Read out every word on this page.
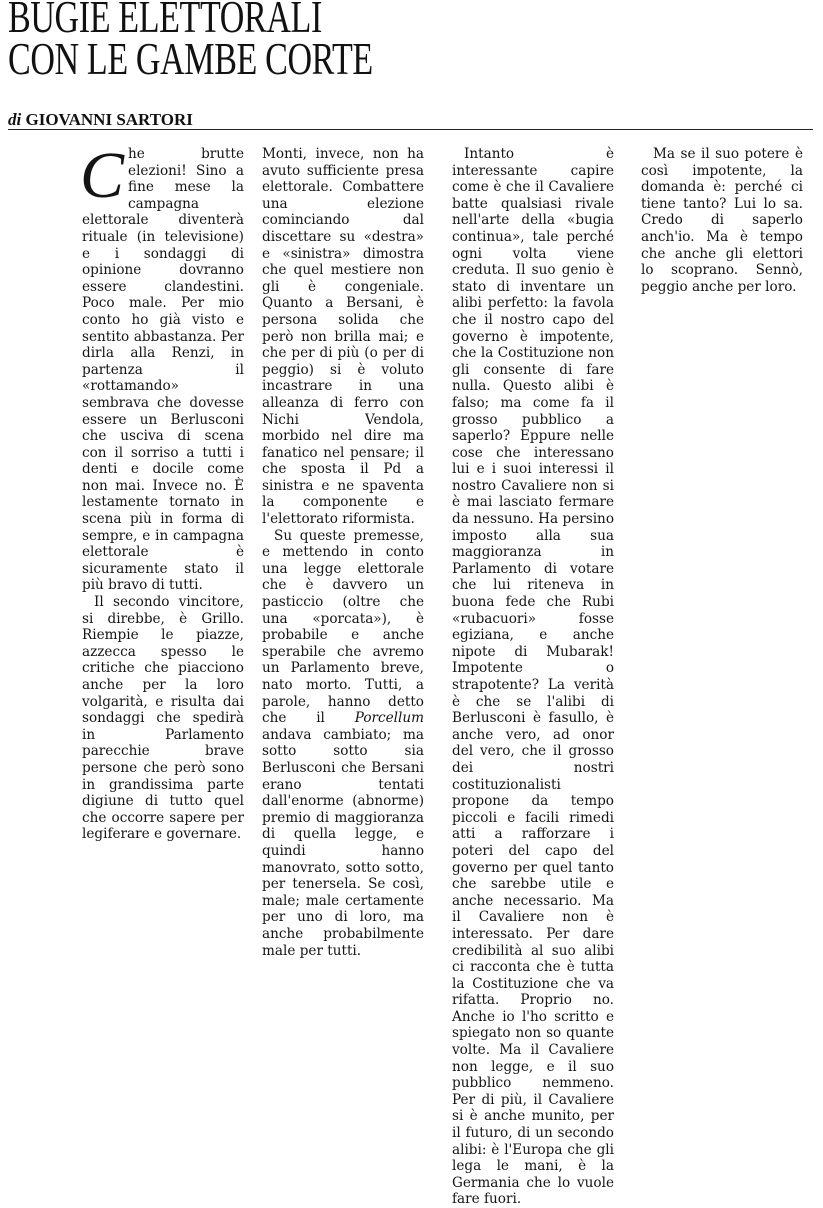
BUGIE ELETTORALI
CON LE GAMBE CORTE
di GIOVANNI SARTORI

Che brutte elezioni! Sino a fine mese la campagna elettorale diventerà rituale (in televisione) e i sondaggi di opinione dovranno essere clandestini. Poco male. Per mio conto ho già visto e sentito abbastanza. Per dirla alla Renzi, in partenza il «rottamando» sembrava che dovesse essere un Berlusconi che usciva di scena con il sorriso a tutti i denti e docile come non mai. Invece no. È lestamente tornato in scena più in forma di sempre, e in campagna elettorale è sicuramente stato il più bravo di tutti.

Il secondo vincitore, si direbbe, è Grillo. Riempie le piazze, azzecca spesso le critiche che piacciono anche per la loro volgarità, e risulta dai sondaggi che spedirà in Parlamento parecchie brave persone che però sono in grandissima parte digiune di tutto quel che occorre sapere per legiferare e governare.

Monti, invece, non ha avuto sufficiente presa elettorale. Combattere una elezione cominciando dal discettare su «destra» e «sinistra» dimostra che quel mestiere non gli è congeniale. Quanto a Bersani, è persona solida che però non brilla mai; e che per di più (o per di peggio) si è voluto incastrare in una alleanza di ferro con Nichi Vendola, morbido nel dire ma fanatico nel pensare; il che sposta il Pd a sinistra e ne spaventa la componente e l'elettorato riformista.

Su queste premesse, e mettendo in conto una legge elettorale che è davvero un pasticcio (oltre che una «porcata»), è probabile e anche sperabile che avremo un Parlamento breve, nato morto. Tutti, a parole, hanno detto che il Porcellum andava cambiato; ma sotto sotto sia Berlusconi che Bersani erano tentati dall'enorme (abnorme) premio di maggioranza di quella legge, e quindi hanno manovrato, sotto sotto, per tenersela. Se così, male; male certamente per uno di loro, ma anche probabilmente male per tutti.

Intanto è interessante capire come è che il Cavaliere batte qualsiasi rivale nell'arte della «bugia continua», tale perché ogni volta viene creduta. Il suo genio è stato di inventare un alibi perfetto: la favola che il nostro capo del governo è impotente, che la Costituzione non gli consente di fare nulla. Questo alibi è falso; ma come fa il grosso pubblico a saperlo? Eppure nelle cose che interessano lui e i suoi interessi il nostro Cavaliere non si è mai lasciato fermare da nessuno. Ha persino imposto alla sua maggioranza in Parlamento di votare che lui riteneva in buona fede che Rubi «rubacuori» fosse egiziana, e anche nipote di Mubarak! Impotente o strapotente? La verità è che se l'alibi di Berlusconi è fasullo, è anche vero, ad onor del vero, che il grosso dei nostri costituzionalisti propone da tempo piccoli e facili rimedi atti a rafforzare i poteri del capo del governo per quel tanto che sarebbe utile e anche necessario. Ma il Cavaliere non è interessato. Per dare credibilità al suo alibi ci racconta che è tutta la Costituzione che va rifatta. Proprio no. Anche io l'ho scritto e spiegato non so quante volte. Ma il Cavaliere non legge, e il suo pubblico nemmeno. Per di più, il Cavaliere si è anche munito, per il futuro, di un secondo alibi: è l'Europa che gli lega le mani, è la Germania che lo vuole fare fuori.

Ma se il suo potere è così impotente, la domanda è: perché ci tiene tanto? Lui lo sa. Credo di saperlo anch'io. Ma è tempo che anche gli elettori lo scoprano. Sennò, peggio anche per loro.
